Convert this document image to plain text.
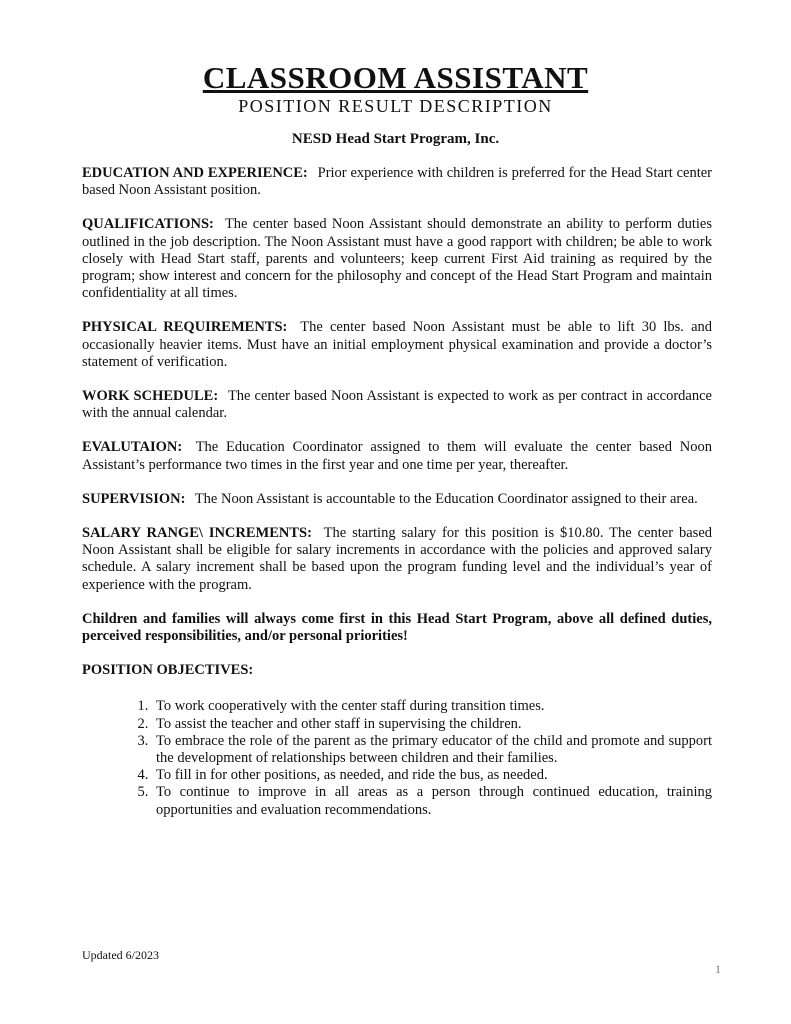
CLASSROOM ASSISTANT
POSITION RESULT DESCRIPTION
NESD Head Start Program, Inc.

EDUCATION AND EXPERIENCE: Prior experience with children is preferred for the Head Start center based Noon Assistant position.

QUALIFICATIONS: The center based Noon Assistant should demonstrate an ability to perform duties outlined in the job description. The Noon Assistant must have a good rapport with children; be able to work closely with Head Start staff, parents and volunteers; keep current First Aid training as required by the program; show interest and concern for the philosophy and concept of the Head Start Program and maintain confidentiality at all times.

PHYSICAL REQUIREMENTS: The center based Noon Assistant must be able to lift 30 lbs. and occasionally heavier items. Must have an initial employment physical examination and provide a doctor’s statement of verification.

WORK SCHEDULE: The center based Noon Assistant is expected to work as per contract in accordance with the annual calendar.

EVALUTAION: The Education Coordinator assigned to them will evaluate the center based Noon Assistant’s performance two times in the first year and one time per year, thereafter.

SUPERVISION: The Noon Assistant is accountable to the Education Coordinator assigned to their area.

SALARY RANGE\ INCREMENTS: The starting salary for this position is $10.80. The center based Noon Assistant shall be eligible for salary increments in accordance with the policies and approved salary schedule. A salary increment shall be based upon the program funding level and the individual’s year of experience with the program.

Children and families will always come first in this Head Start Program, above all defined duties, perceived responsibilities, and/or personal priorities!

POSITION OBJECTIVES:

1. To work cooperatively with the center staff during transition times.
2. To assist the teacher and other staff in supervising the children.
3. To embrace the role of the parent as the primary educator of the child and promote and support the development of relationships between children and their families.
4. To fill in for other positions, as needed, and ride the bus, as needed.
5. To continue to improve in all areas as a person through continued education, training opportunities and evaluation recommendations.
Updated 6/2023
1
